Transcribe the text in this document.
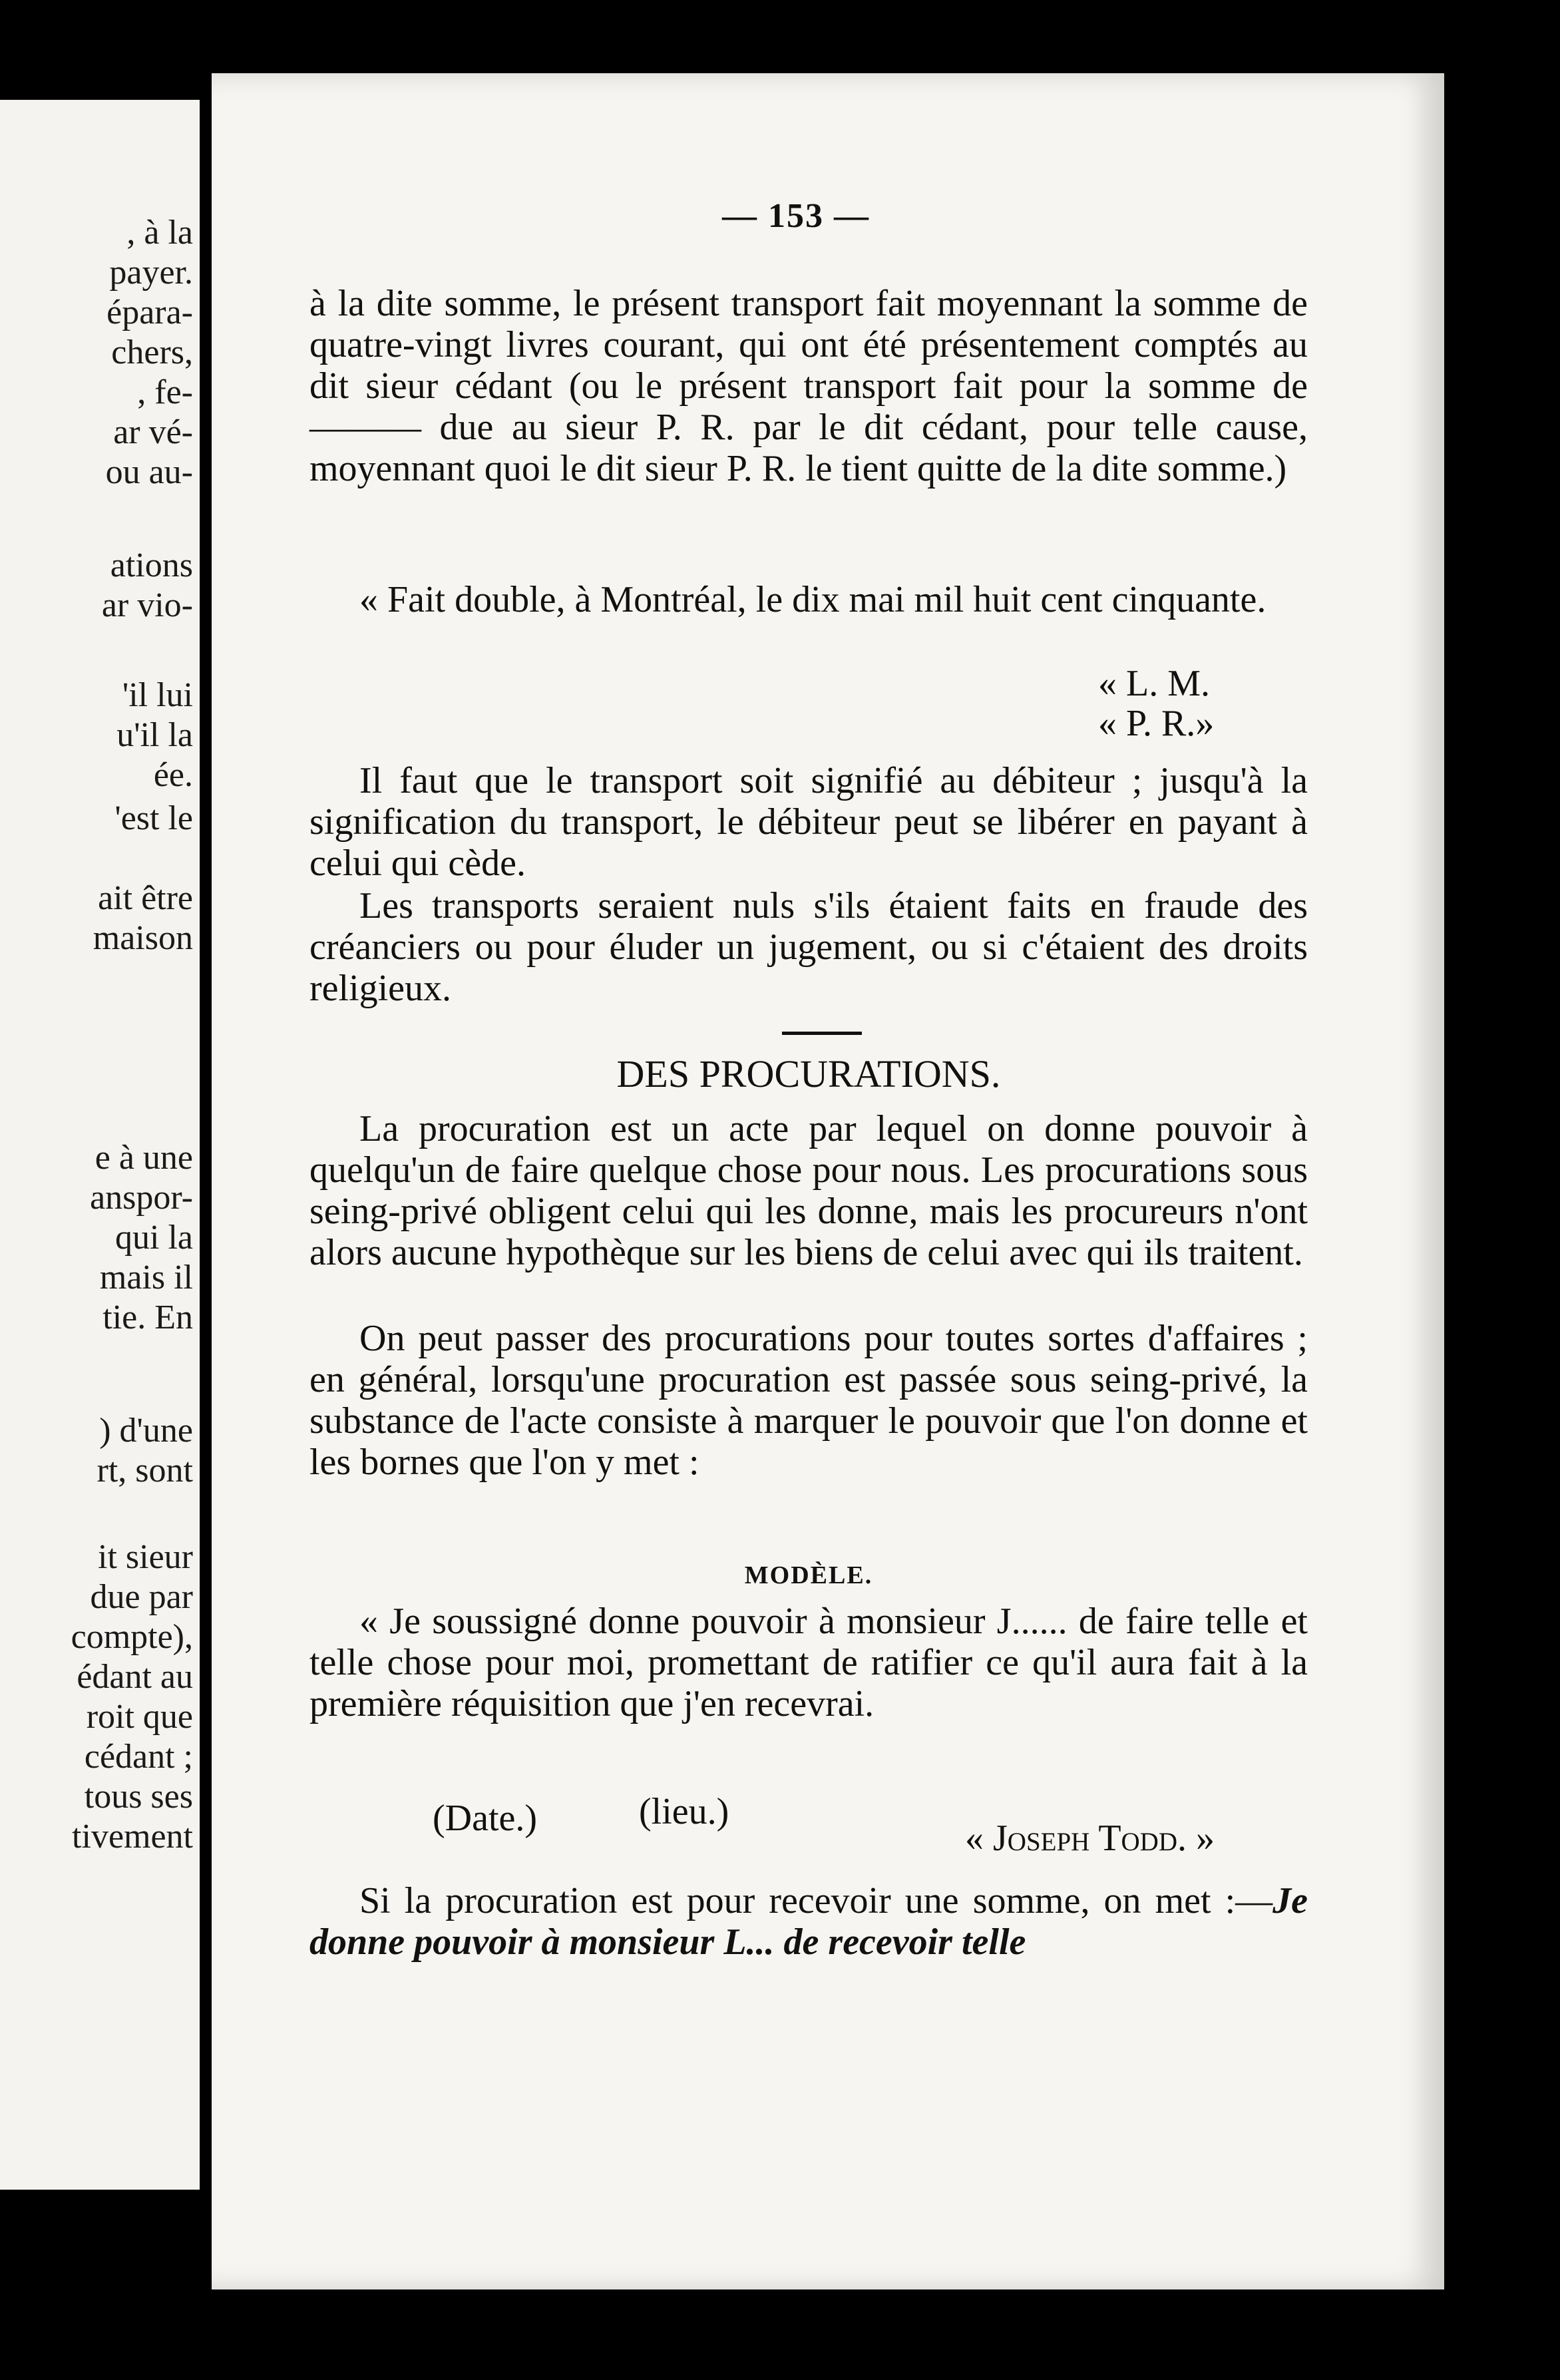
, à la
payer.
épara-
chers,
, fe-
ar vé-
ou au-
ations
ar vio-
'il lui
u'il la
ée.
'est le
ait être
maison
e à une
anspor-
qui la
mais il
tie. En
) d'une
rt, sont
it sieur
due par
compte),
édant au
roit que
cédant ;
tous ses
tivement
— 153 —

à la dite somme, le présent transport fait moyennant la somme de quatre-vingt livres courant, qui ont été présentement comptés au dit sieur cédant (ou le présent transport fait pour la somme de ——— due au sieur P. R. par le dit cédant, pour telle cause, moyennant quoi le dit sieur P. R. le tient quitte de la dite somme.)

« Fait double, à Montréal, le dix mai mil huit cent cinquante.

« L. M.
« P. R.»

Il faut que le transport soit signifié au débiteur ; jusqu'à la signification du transport, le débiteur peut se libérer en payant à celui qui cède.

Les transports seraient nuls s'ils étaient faits en fraude des créanciers ou pour éluder un jugement, ou si c'étaient des droits religieux.

DES PROCURATIONS.

La procuration est un acte par lequel on donne pouvoir à quelqu'un de faire quelque chose pour nous. Les procurations sous seing-privé obligent celui qui les donne, mais les procureurs n'ont alors aucune hypothèque sur les biens de celui avec qui ils traitent.

On peut passer des procurations pour toutes sortes d'affaires ; en général, lorsqu'une procuration est passée sous seing-privé, la substance de l'acte consiste à marquer le pouvoir que l'on donne et les bornes que l'on y met :

MODÈLE.

« Je soussigné donne pouvoir à monsieur J...... de faire telle et telle chose pour moi, promettant de ratifier ce qu'il aura fait à la première réquisition que j'en recevrai.

(Date.)	(lieu.)
« Joseph Todd. »

Si la procuration est pour recevoir une somme, on met :—Je donne pouvoir à monsieur L... de recevoir telle
